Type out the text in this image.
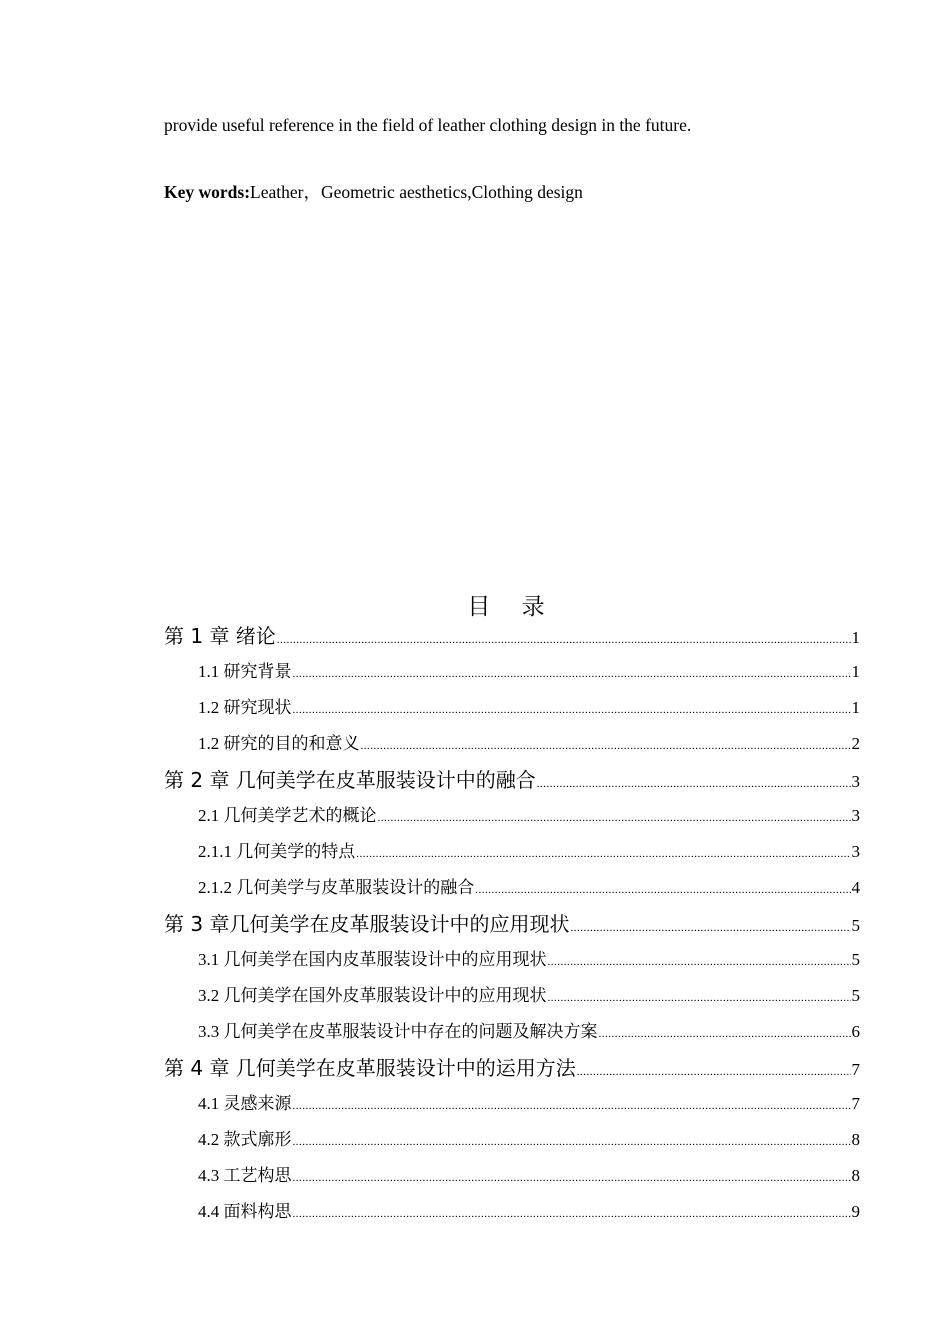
provide useful reference in the field of leather clothing design in the future.
Key words:Leather，Geometric aesthetics,Clothing design
目 录
第 1 章 绪论 .....	1
1.1 研究背景 .....	1
1.2 研究现状 .....	1
1.2 研究的目的和意义 .....	2
第 2 章 几何美学在皮革服装设计中的融合 .....	3
2.1 几何美学艺术的概论 .....	3
2.1.1 几何美学的特点 .....	3
2.1.2 几何美学与皮革服装设计的融合 .....	4
第 3 章几何美学在皮革服装设计中的应用现状 .....	5
3.1 几何美学在国内皮革服装设计中的应用现状 .....	5
3.2 几何美学在国外皮革服装设计中的应用现状 .....	5
3.3 几何美学在皮革服装设计中存在的问题及解决方案 .....	6
第 4 章 几何美学在皮革服装设计中的运用方法 .....	7
4.1 灵感来源 .....	7
4.2 款式廓形 .....	8
4.3 工艺构思 .....	8
4.4 面料构思 .....	9
